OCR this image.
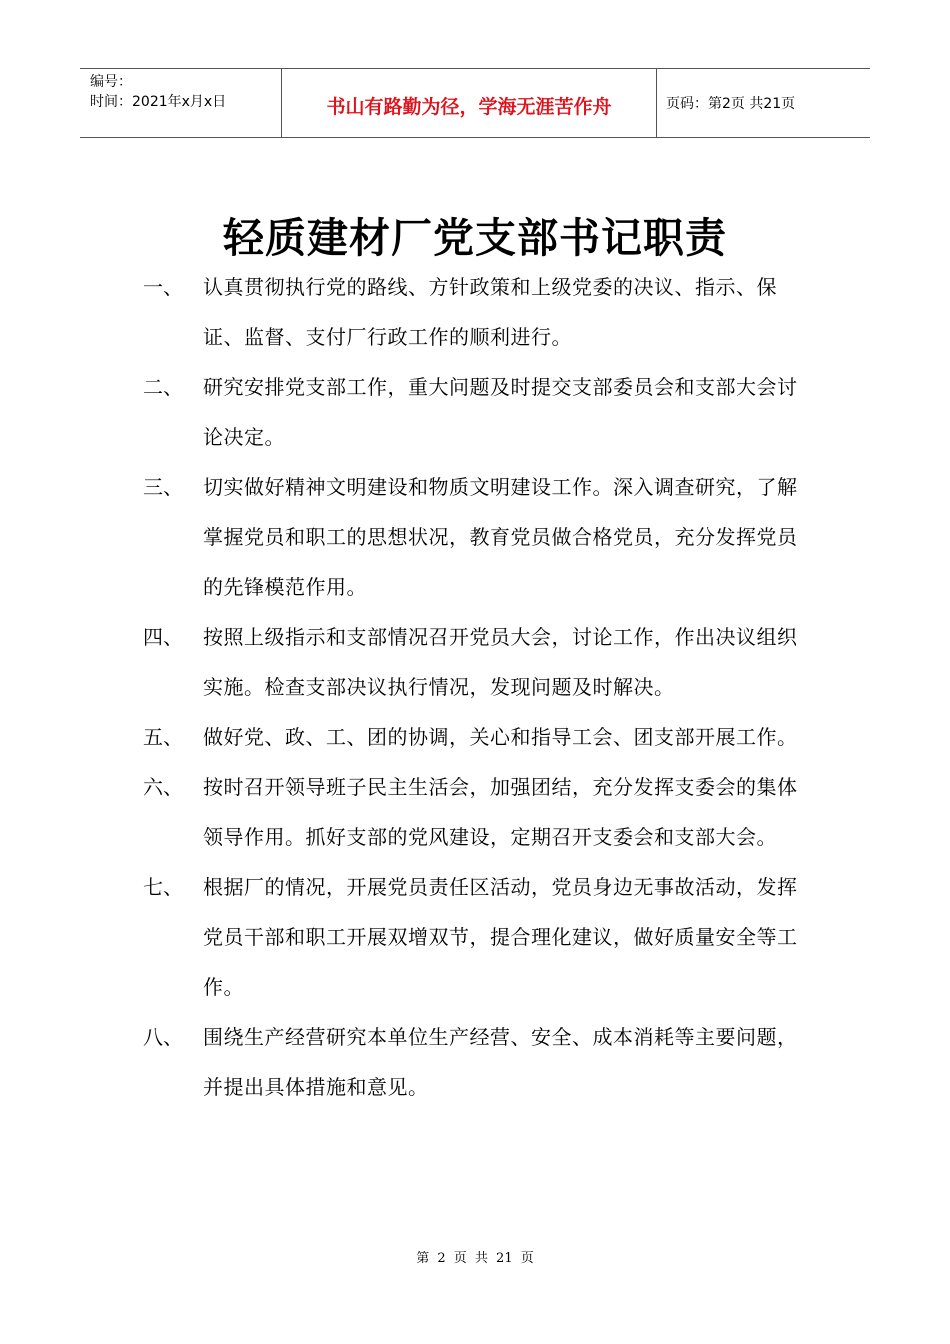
编号：
时间：2021年x月x日	书山有路勤为径，学海无涯苦作舟	页码：第2页 共21页
轻质建材厂党支部书记职责
一、	认真贯彻执行党的路线、方针政策和上级党委的决议、指示、保证、监督、支付厂行政工作的顺利进行。
二、	研究安排党支部工作，重大问题及时提交支部委员会和支部大会讨论决定。
三、	切实做好精神文明建设和物质文明建设工作。深入调查研究，了解掌握党员和职工的思想状况，教育党员做合格党员，充分发挥党员的先锋模范作用。
四、	按照上级指示和支部情况召开党员大会，讨论工作，作出决议组织实施。检查支部决议执行情况，发现问题及时解决。
五、	做好党、政、工、团的协调，关心和指导工会、团支部开展工作。
六、	按时召开领导班子民主生活会，加强团结，充分发挥支委会的集体领导作用。抓好支部的党风建设，定期召开支委会和支部大会。
七、	根据厂的情况，开展党员责任区活动，党员身边无事故活动，发挥党员干部和职工开展双增双节，提合理化建议，做好质量安全等工作。
八、	围绕生产经营研究本单位生产经营、安全、成本消耗等主要问题，并提出具体措施和意见。
第 2 页 共 21 页
